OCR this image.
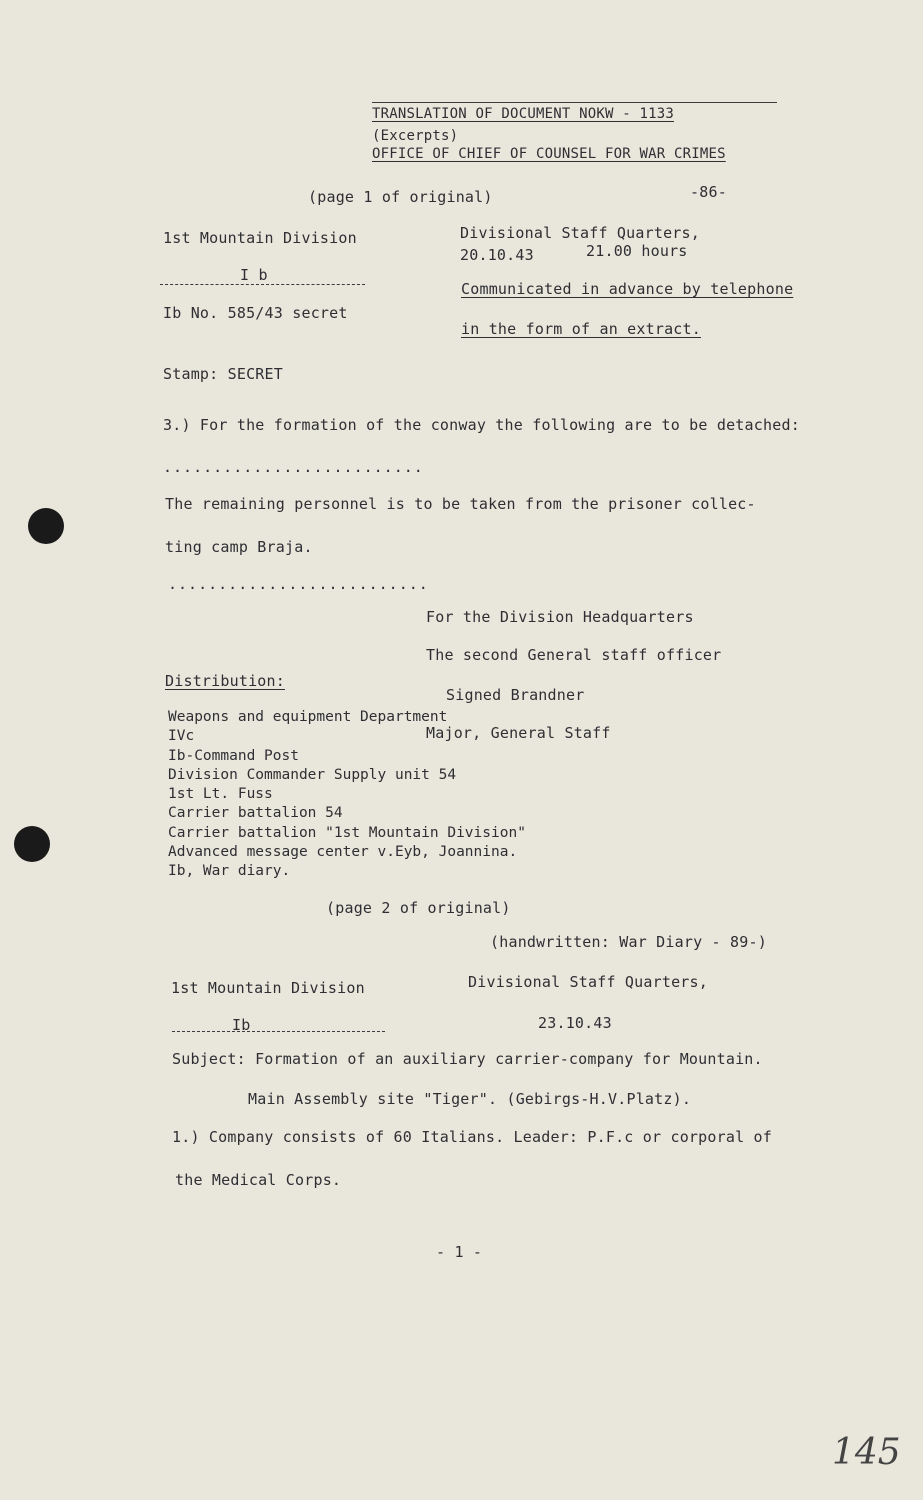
TRANSLATION OF DOCUMENT NOKW - 1133
(Excerpts)
OFFICE OF CHIEF OF COUNSEL FOR WAR CRIMES
(page 1 of original)	-86-
1st Mountain Division	Divisional Staff Quarters,
20.10.43	21.00 hours
I b
Communicated in advance by telephone
Ib No. 585/43 secret
in the form of an extract.
Stamp: SECRET
3.) For the formation of the conway the following are to be detached:
..........................
The remaining personnel is to be taken from the prisoner collec-
ting camp Braja.
..........................
For the Division Headquarters
The second General staff officer
Distribution:
Signed Brandner
Weapons and equipment Department
IVc
Ib-Command Post
Division Commander Supply unit 54
1st Lt. Fuss
Carrier battalion 54
Carrier battalion "1st Mountain Division"
Advanced message center v.Eyb, Joannina.
Ib, War diary.
Major, General Staff
(page 2 of original)
(handwritten: War Diary - 89-)
1st Mountain Division	Divisional Staff Quarters,
Ib	23.10.43
Subject: Formation of an auxiliary carrier-company for Mountain.
Main Assembly site "Tiger". (Gebirgs-H.V.Platz).
1.) Company consists of 60 Italians. Leader: P.F.c or corporal of
the Medical Corps.
- 1 -
145
